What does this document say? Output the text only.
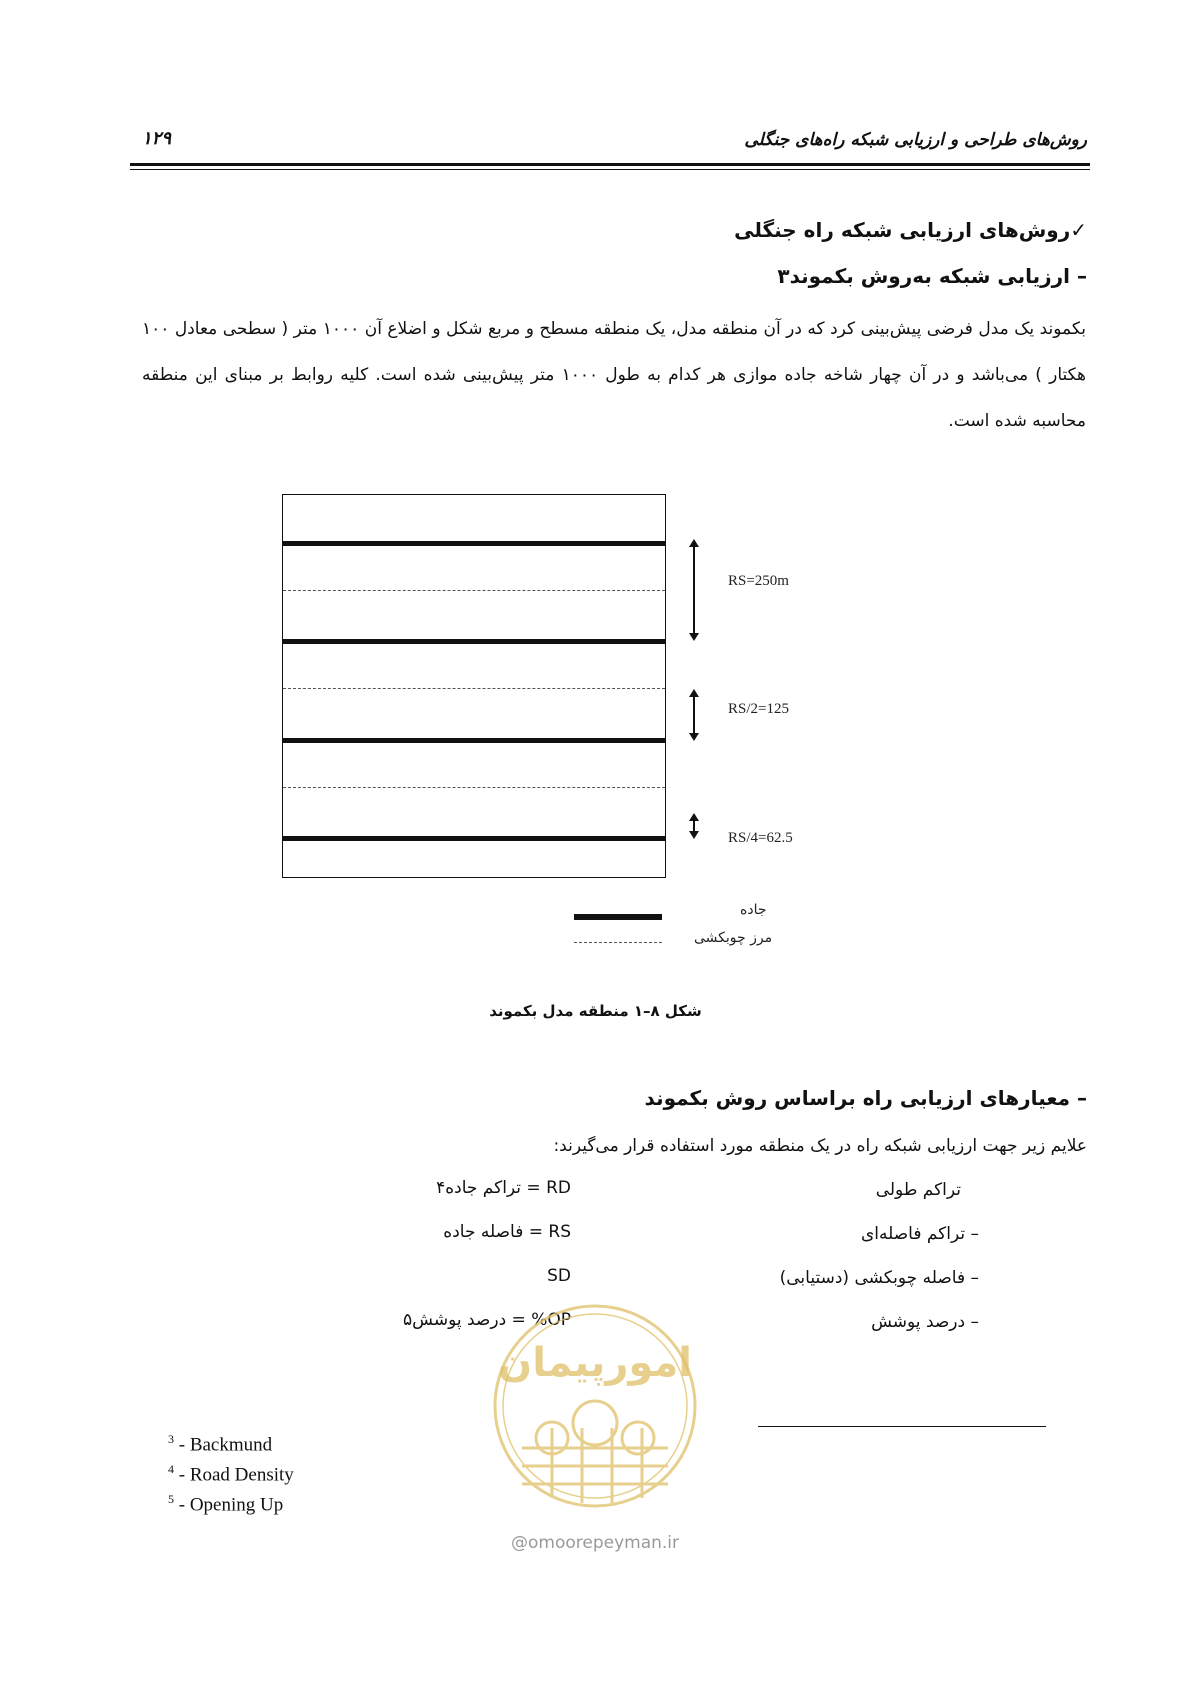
روش‌های طراحی و ارزیابی شبکه راه‌های جنگلی
۱۲۹
✓روش‌های ارزیابی شبکه راه جنگلی
– ارزیابی شبکه به‌روش بکموند۳
بکموند یک مدل فرضی پیش‌بینی کرد که در آن منطقه مدل، یک منطقه مسطح و مربع شکل و اضلاع آن ۱۰۰۰ متر ( سطحی معادل ۱۰۰ هکتار ) می‌باشد و در آن چهار شاخه جاده موازی هر کدام به طول ۱۰۰۰ متر پیش‌بینی شده است. کلیه روابط بر مبنای این منطقه محاسبه شده است.
RS=250m
RS/2=125
RS/4=62.5
جاده
مرز چوبکشی
شکل ۸–۱ منطقه مدل بکموند
– معیارهای ارزیابی راه براساس روش بکموند
علایم زیر جهت ارزیابی شبکه راه در یک منطقه مورد استفاده قرار می‌گیرند:
تراکم طولی
RD = تراکم جاده۴
– تراکم فاصله‌ای
RS = فاصله جاده
– فاصله چوبکشی (دستیابی)
SD
– درصد پوشش
OP% = درصد پوشش۵
$^3$ - Backmund
$^4$ - Road Density
$^5$ - Opening Up
امورپیمان
@omoorepeyman.ir
